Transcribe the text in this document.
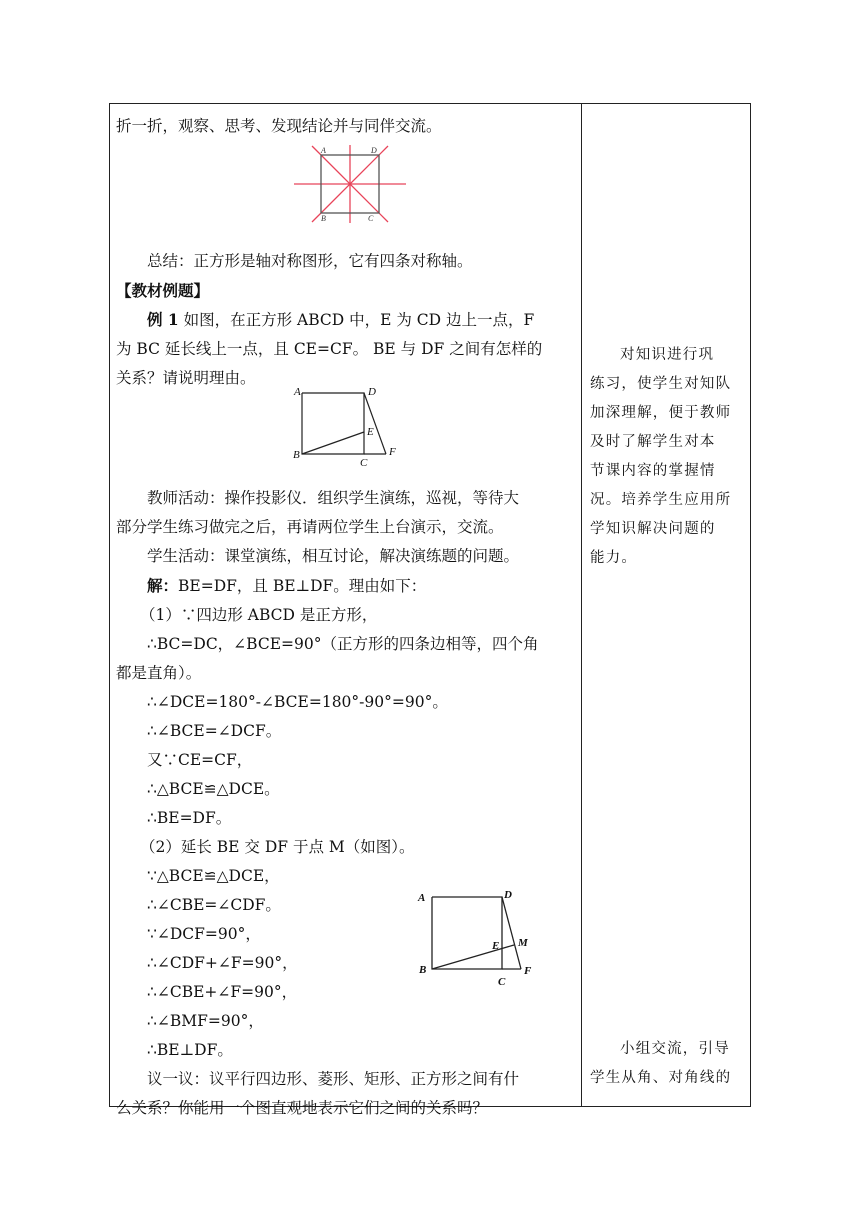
折一折，观察、思考、发现结论并与同伴交流。

总结：正方形是轴对称图形，它有四条对称轴。

【教材例题】

例 1 如图，在正方形 ABCD 中，E 为 CD 边上一点，F

为 BC 延长线上一点，且 CE=CF。 BE 与 DF 之间有怎样的

关系？请说明理由。

教师活动：操作投影仪．组织学生演练，巡视，等待大

部分学生练习做完之后，再请两位学生上台演示，交流。

学生活动：课堂演练，相互讨论，解决演练题的问题。

解：BE=DF，且 BE⊥DF。理由如下：

（1）∵四边形 ABCD 是正方形，

∴BC=DC，∠BCE=90°（正方形的四条边相等，四个角

都是直角）。

∴∠DCE=180°-∠BCE=180°-90°=90°。

∴∠BCE=∠DCF。

又∵CE=CF，

∴△BCE≌△DCE。

∴BE=DF。

（2）延长 BE 交 DF 于点 M（如图）。

∵△BCE≌△DCE，

∴∠CBE=∠CDF。

∵∠DCF=90°，

∴∠CDF+∠F=90°，

∴∠CBE+∠F=90°，

∴∠BMF=90°，

∴BE⊥DF。

议一议：议平行四边形、菱形、矩形、正方形之间有什

么关系？你能用一个图直观地表示它们之间的关系吗？

对知识进行巩

练习，使学生对知队

加深理解，便于教师

及时了解学生对本

节课内容的掌握情

况。培养学生应用所

学知识解决问题的

能力。

小组交流，引导

学生从角、对角线的

A	D
B	C
A	D
E
B
C
F
A	D
E M
B
C
F
